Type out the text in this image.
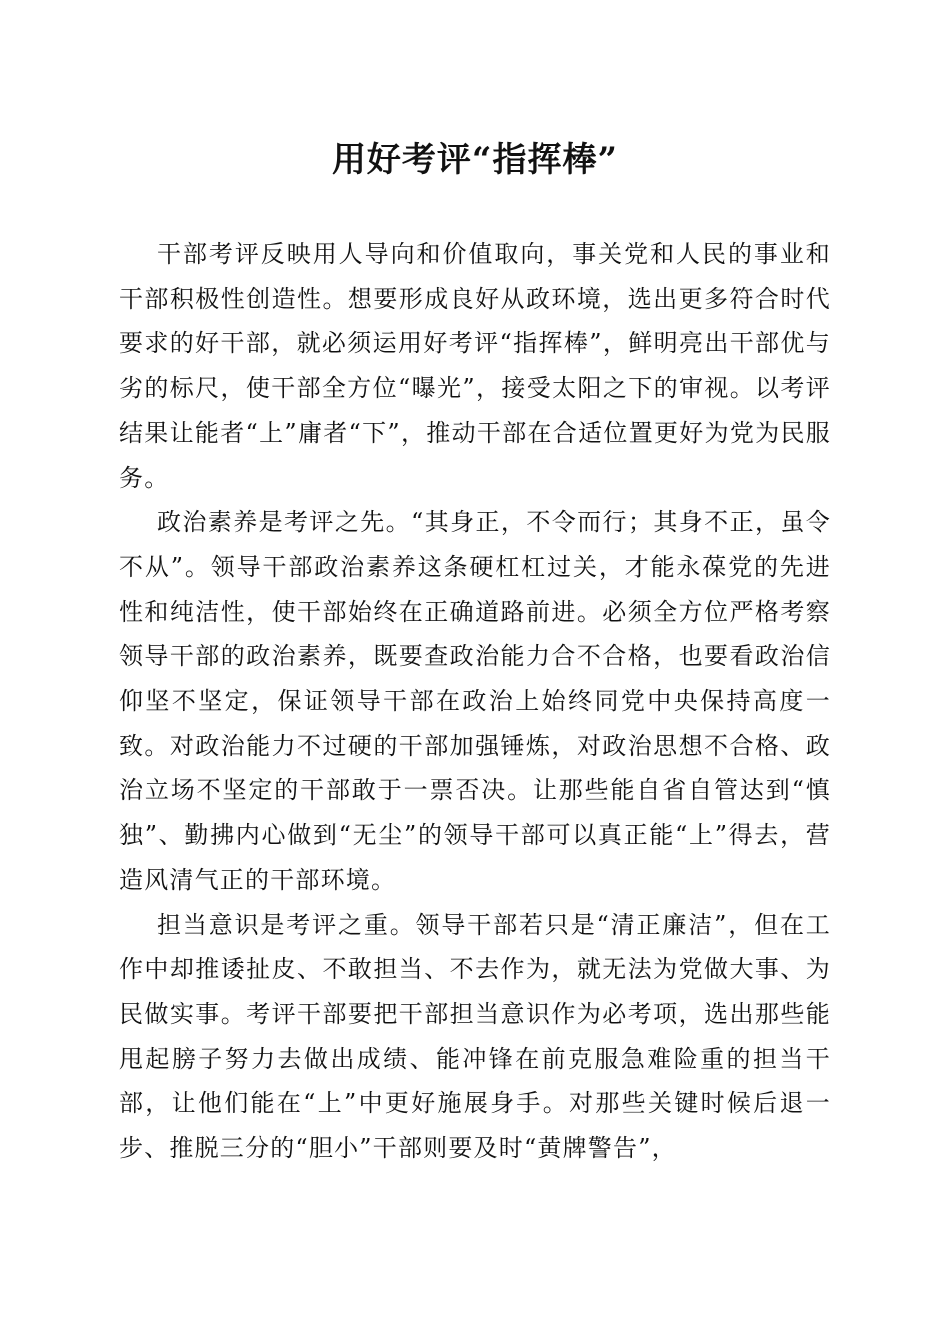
用好考评“指挥棒”

干部考评反映用人导向和价值取向，事关党和人民的事业和干部积极性创造性。想要形成良好从政环境，选出更多符合时代要求的好干部，就必须运用好考评“指挥棒”，鲜明亮出干部优与劣的标尺，使干部全方位“曝光”，接受太阳之下的审视。以考评结果让能者“上”庸者“下”，推动干部在合适位置更好为党为民服务。

政治素养是考评之先。“其身正，不令而行；其身不正，虽令不从”。领导干部政治素养这条硬杠杠过关，才能永葆党的先进性和纯洁性，使干部始终在正确道路前进。必须全方位严格考察领导干部的政治素养，既要查政治能力合不合格，也要看政治信仰坚不坚定，保证领导干部在政治上始终同党中央保持高度一致。对政治能力不过硬的干部加强锤炼，对政治思想不合格、政治立场不坚定的干部敢于一票否决。让那些能自省自管达到“慎独”、勤拂内心做到“无尘”的领导干部可以真正能“上”得去，营造风清气正的干部环境。

担当意识是考评之重。领导干部若只是“清正廉洁”，但在工作中却推诿扯皮、不敢担当、不去作为，就无法为党做大事、为民做实事。考评干部要把干部担当意识作为必考项，选出那些能甩起膀子努力去做出成绩、能冲锋在前克服急难险重的担当干部，让他们能在“上”中更好施展身手。对那些关键时候后退一步、推脱三分的“胆小”干部则要及时“黄牌警告”，
